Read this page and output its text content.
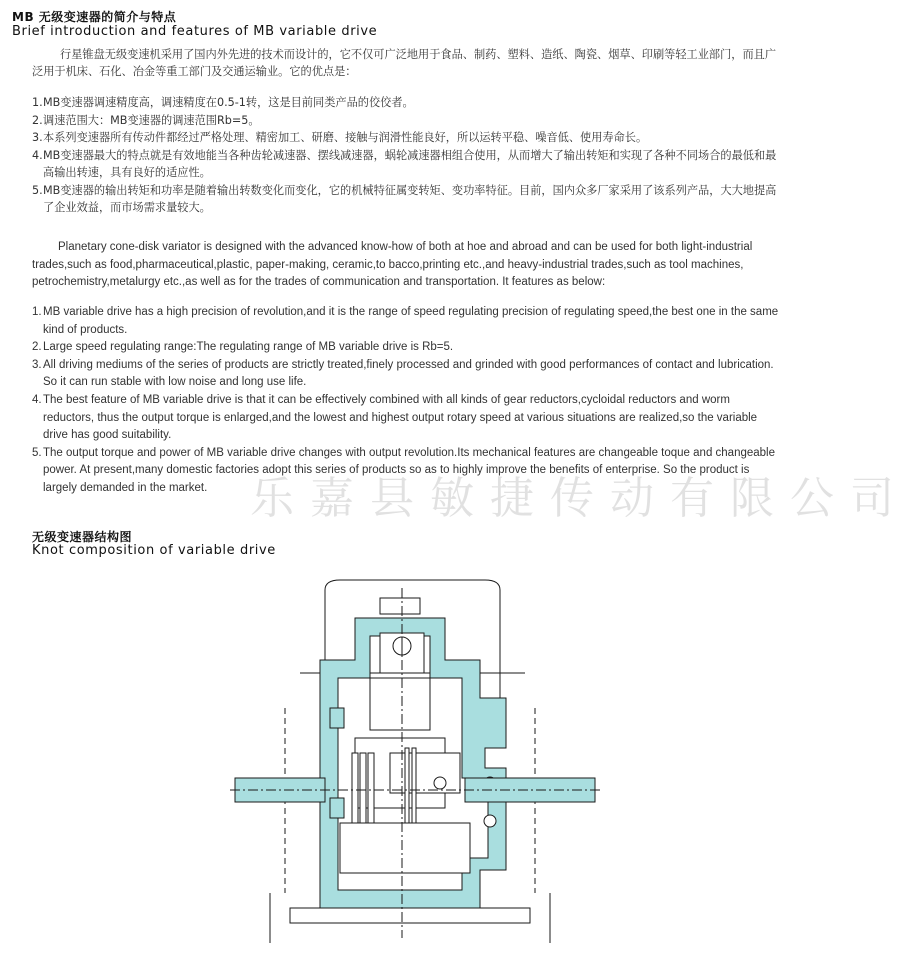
MB 无级变速器的简介与特点
Brief introduction and features of MB variable drive
行星锥盘无级变速机采用了国内外先进的技术而设计的，它不仅可广泛地用于食品、制药、塑料、造纸、陶瓷、烟草、印刷等轻工业部门，而且广泛用于机床、石化、冶金等重工部门及交通运输业。它的优点是：
1. MB变速器调速精度高，调速精度在0.5-1转，这是目前同类产品的佼佼者。
2. 调速范围大：MB变速器的调速范围Rb=5。
3. 本系列变速器所有传动件都经过严格处理、精密加工、研磨、接触与润滑性能良好，所以运转平稳、噪音低、使用寿命长。
4. MB变速器最大的特点就是有效地能当各种齿轮减速器、摆线减速器，蜗轮减速器相组合使用，从而增大了输出转矩和实现了各种不同场合的最低和最高输出转速，具有良好的适应性。
5. MB变速器的输出转矩和功率是随着输出转数变化而变化，它的机械特征属变转矩、变功率特征。目前，国内众多厂家采用了该系列产品，大大地提高了企业效益，而市场需求量较大。
Planetary cone-disk variator is designed with the advanced know-how of both at hoe and abroad and can be used for both light-industrial trades,such as food,pharmaceutical,plastic, paper-making, ceramic,to bacco,printing etc.,and heavy-industrial trades,such as tool machines, petrochemistry,metalurgy etc.,as well as for the trades of communication and transportation. It features as below:
1. MB variable drive has a high precision of revolution,and it is the range of speed regulating precision of regulating speed,the best one in the same kind of products.
2. Large speed regulating range:The regulating range of MB variable drive is Rb=5.
3. All driving mediums of the series of products are strictly treated,finely processed and grinded with good performances of contact and lubrication. So it can run stable with low noise and long use life.
4. The best feature of MB variable drive is that it can be effectively combined with all kinds of gear reductors,cycloidal reductors and worm reductors, thus the output torque is enlarged,and the lowest and highest output rotary speed at various situations are realized,so the variable drive has good suitability.
5. The output torque and power of MB variable drive changes with output revolution.Its mechanical features are changeable toque and changeable power. At present,many domestic factories adopt this series of products so as to highly improve the benefits of enterprise. So the product is largely demanded in the market. 乐嘉县敏捷传动有限公司
无级变速器结构图
Knot composition of variable drive
